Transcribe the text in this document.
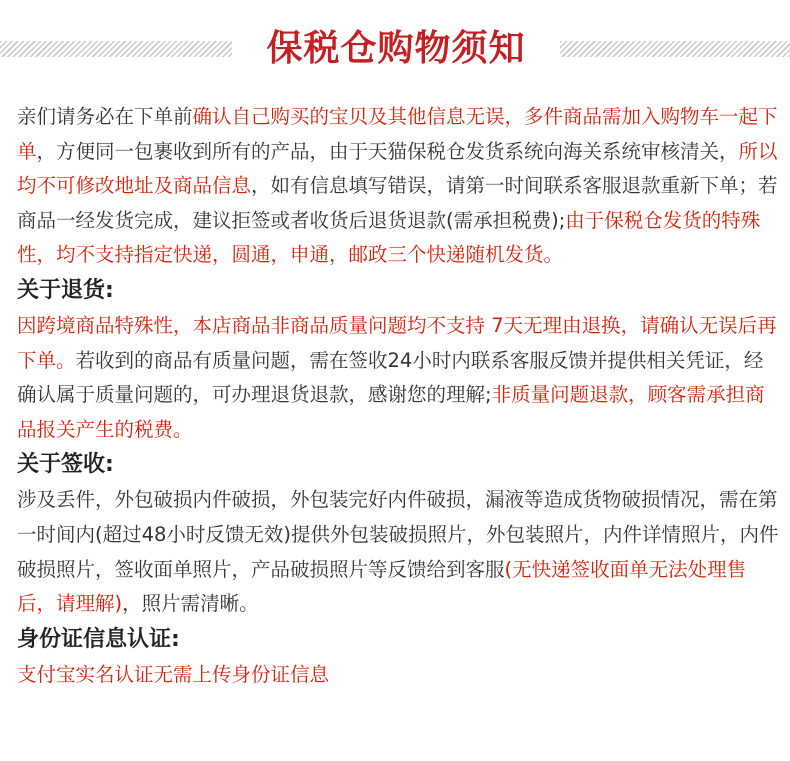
保税仓购物须知

亲们请务必在下单前确认自己购买的宝贝及其他信息无误，多件商品需加入购物车一起下单，方便同一包裹收到所有的产品，由于天猫保税仓发货系统向海关系统审核清关，所以均不可修改地址及商品信息，如有信息填写错误，请第一时间联系客服退款重新下单；若商品一经发货完成，建议拒签或者收货后退货退款(需承担税费);由于保税仓发货的特殊性，均不支持指定快递，圆通，申通，邮政三个快递随机发货。

关于退货:

因跨境商品特殊性，本店商品非商品质量问题均不支持 7天无理由退换，请确认无误后再下单。若收到的商品有质量问题，需在签收24小时内联系客服反馈并提供相关凭证，经确认属于质量问题的，可办理退货退款，感谢您的理解;非质量问题退款，顾客需承担商品报关产生的税费。

关于签收:

涉及丢件，外包破损内件破损，外包装完好内件破损，漏液等造成货物破损情况，需在第一时间内(超过48小时反馈无效)提供外包装破损照片，外包装照片，内件详情照片，内件破损照片，签收面单照片，产品破损照片等反馈给到客服(无快递签收面单无法处理售后，请理解)，照片需清晰。

身份证信息认证:

支付宝实名认证无需上传身份证信息
